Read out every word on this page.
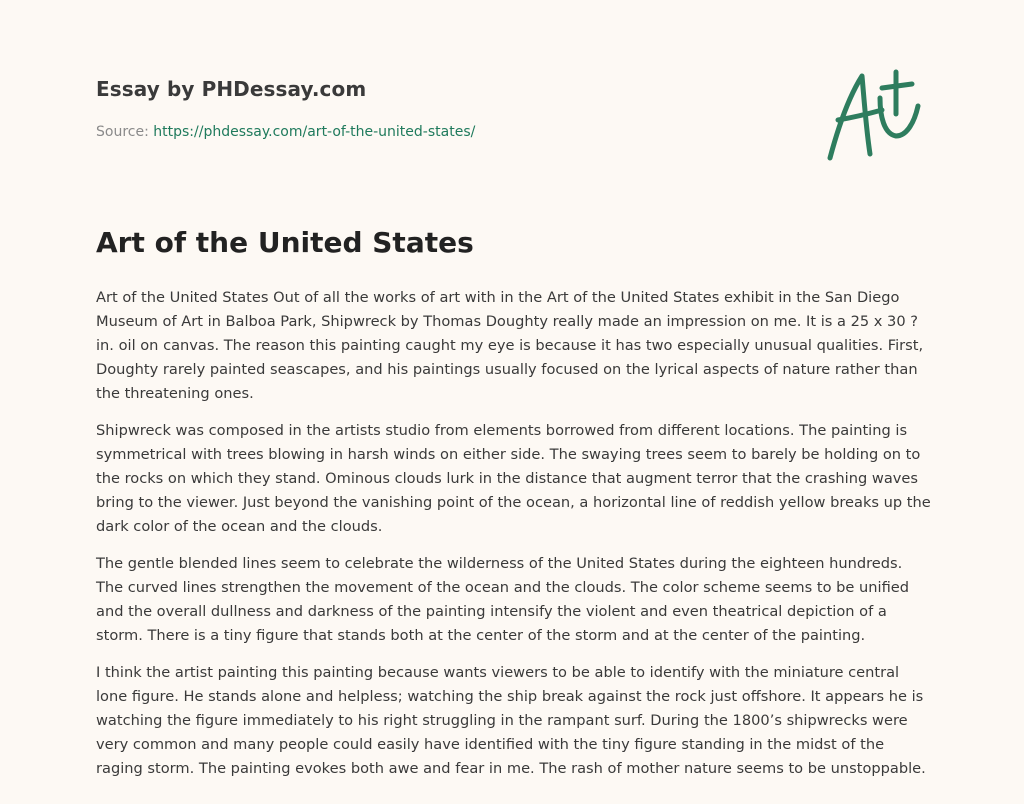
Essay by PHDessay.com
Source: https://phdessay.com/art-of-the-united-states/
Art of the United States

Art of the United States Out of all the works of art with in the Art of the United States exhibit in the San Diego Museum of Art in Balboa Park, Shipwreck by Thomas Doughty really made an impression on me. It is a 25 x 30 ? in. oil on canvas. The reason this painting caught my eye is because it has two especially unusual qualities. First, Doughty rarely painted seascapes, and his paintings usually focused on the lyrical aspects of nature rather than the threatening ones.

Shipwreck was composed in the artists studio from elements borrowed from different locations. The painting is symmetrical with trees blowing in harsh winds on either side. The swaying trees seem to barely be holding on to the rocks on which they stand. Ominous clouds lurk in the distance that augment terror that the crashing waves bring to the viewer. Just beyond the vanishing point of the ocean, a horizontal line of reddish yellow breaks up the dark color of the ocean and the clouds.

The gentle blended lines seem to celebrate the wilderness of the United States during the eighteen hundreds. The curved lines strengthen the movement of the ocean and the clouds. The color scheme seems to be unified and the overall dullness and darkness of the painting intensify the violent and even theatrical depiction of a storm. There is a tiny figure that stands both at the center of the storm and at the center of the painting.

I think the artist painting this painting because wants viewers to be able to identify with the miniature central lone figure. He stands alone and helpless; watching the ship break against the rock just offshore. It appears he is watching the figure immediately to his right struggling in the rampant surf. During the 1800’s shipwrecks were very common and many people could easily have identified with the tiny figure standing in the midst of the raging storm. The painting evokes both awe and fear in me. The rash of mother nature seems to be unstoppable.
